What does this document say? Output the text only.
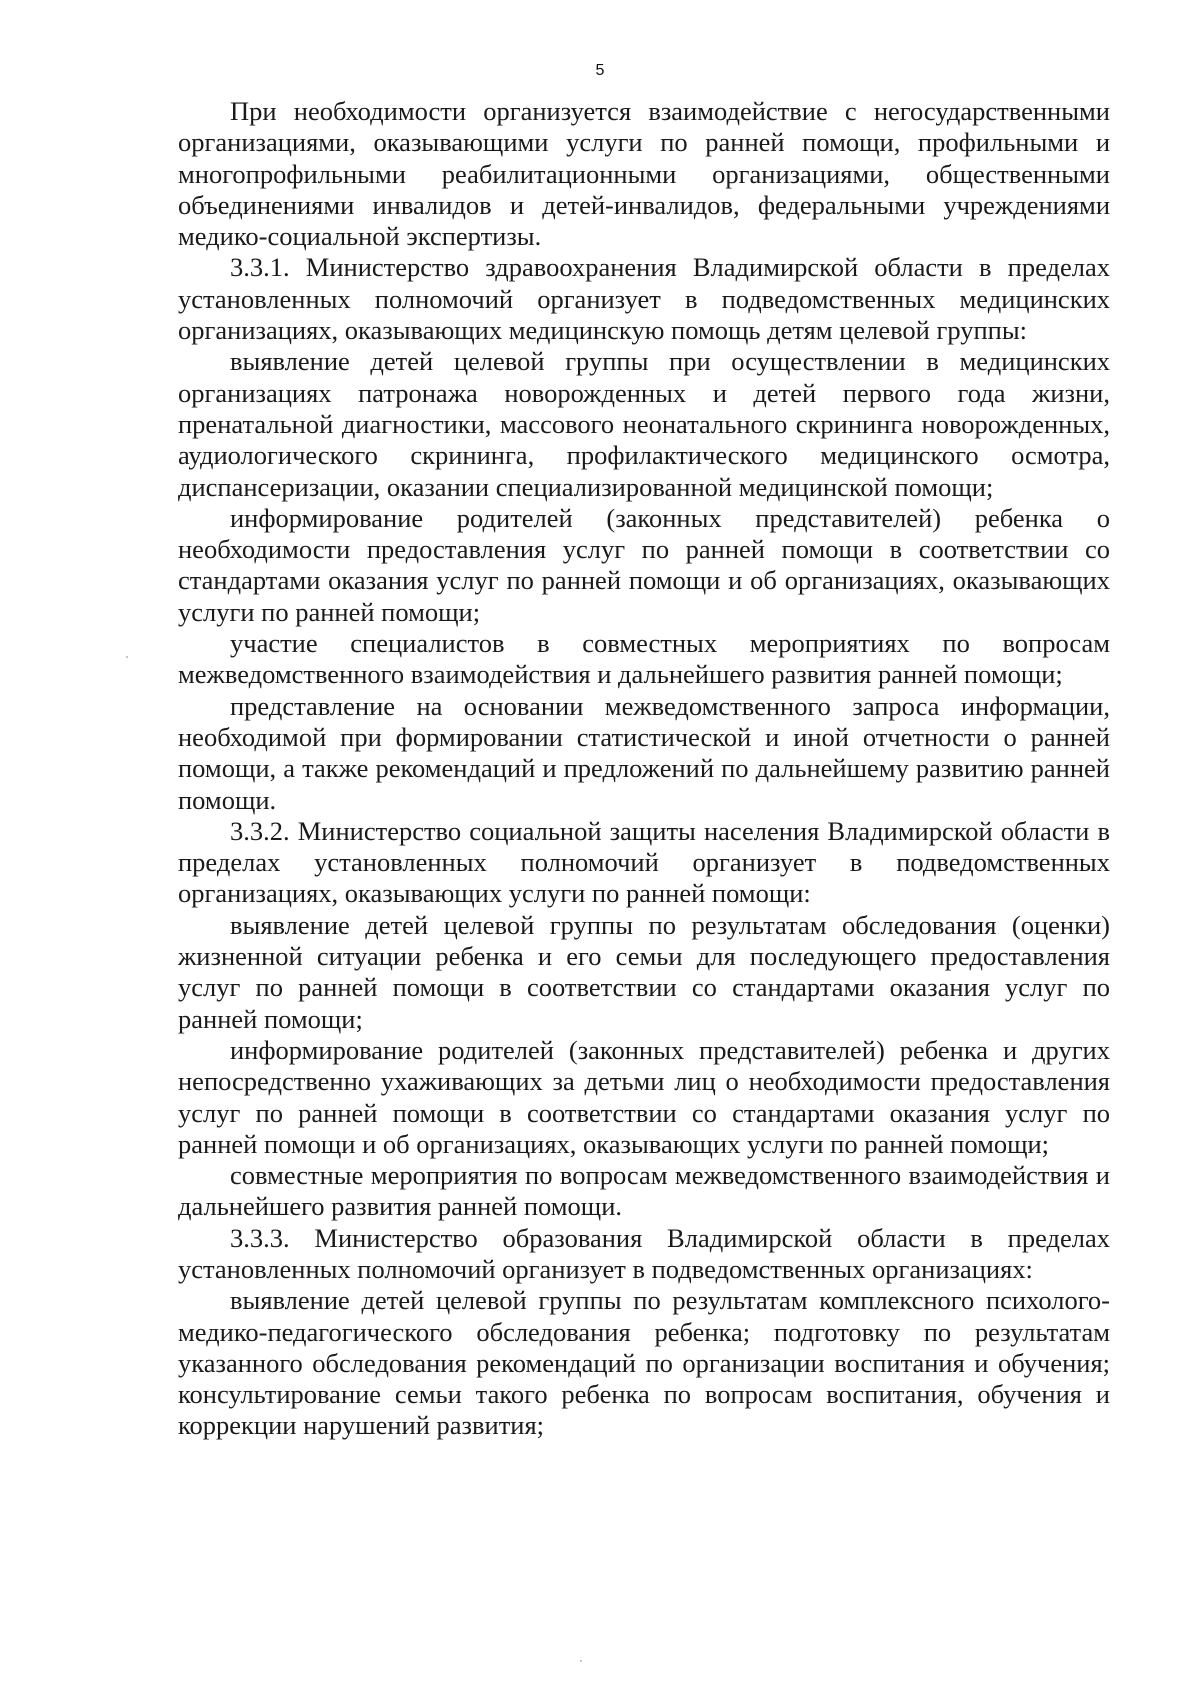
5

При необходимости организуется взаимодействие с негосударственными организациями, оказывающими услуги по ранней помощи, профильными и многопрофильными реабилитационными организациями, общественными объединениями инвалидов и детей-инвалидов, федеральными учреждениями медико-социальной экспертизы.

3.3.1. Министерство здравоохранения Владимирской области в пределах установленных полномочий организует в подведомственных медицинских организациях, оказывающих медицинскую помощь детям целевой группы:

выявление детей целевой группы при осуществлении в медицинских организациях патронажа новорожденных и детей первого года жизни, пренатальной диагностики, массового неонатального скрининга новорожденных, аудиологического скрининга, профилактического медицинского осмотра, диспансеризации, оказании специализированной медицинской помощи;

информирование родителей (законных представителей) ребенка о необходимости предоставления услуг по ранней помощи в соответствии со стандартами оказания услуг по ранней помощи и об организациях, оказывающих услуги по ранней помощи;

участие специалистов в совместных мероприятиях по вопросам межведомственного взаимодействия и дальнейшего развития ранней помощи;

представление на основании межведомственного запроса информации, необходимой при формировании статистической и иной отчетности о ранней помощи, а также рекомендаций и предложений по дальнейшему развитию ранней помощи.

3.3.2. Министерство социальной защиты населения Владимирской области в пределах установленных полномочий организует в подведомственных организациях, оказывающих услуги по ранней помощи:

выявление детей целевой группы по результатам обследования (оценки) жизненной ситуации ребенка и его семьи для последующего предоставления услуг по ранней помощи в соответствии со стандартами оказания услуг по ранней помощи;

информирование родителей (законных представителей) ребенка и других непосредственно ухаживающих за детьми лиц о необходимости предоставления услуг по ранней помощи в соответствии со стандартами оказания услуг по ранней помощи и об организациях, оказывающих услуги по ранней помощи;

совместные мероприятия по вопросам межведомственного взаимодействия и дальнейшего развития ранней помощи.

3.3.3. Министерство образования Владимирской области в пределах установленных полномочий организует в подведомственных организациях:

выявление детей целевой группы по результатам комплексного психолого-медико-педагогического обследования ребенка; подготовку по результатам указанного обследования рекомендаций по организации воспитания и обучения; консультирование семьи такого ребенка по вопросам воспитания, обучения и коррекции нарушений развития;
